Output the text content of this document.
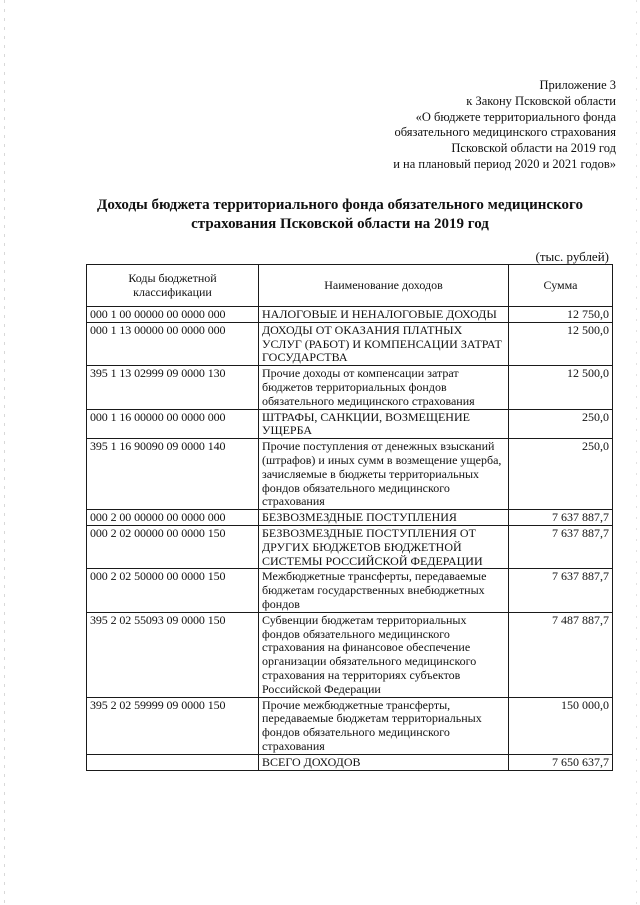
Приложение 3
к Закону Псковской области
«О бюджете территориального фонда
обязательного медицинского страхования
Псковской области на 2019 год
и на плановый период 2020 и 2021 годов»
Доходы бюджета территориального фонда обязательного медицинского
страхования Псковской области на 2019 год
(тыс. рублей)
Коды бюджетной классификации	Наименование доходов	Сумма
000 1 00 00000 00 0000 000	НАЛОГОВЫЕ И НЕНАЛОГОВЫЕ ДОХОДЫ	12 750,0
000 1 13 00000 00 0000 000	ДОХОДЫ ОТ ОКАЗАНИЯ ПЛАТНЫХ УСЛУГ (РАБОТ) И КОМПЕНСАЦИИ ЗАТРАТ ГОСУДАРСТВА	12 500,0
395 1 13 02999 09 0000 130	Прочие доходы от компенсации затрат бюджетов территориальных фондов обязательного медицинского страхования	12 500,0
000 1 16 00000 00 0000 000	ШТРАФЫ, САНКЦИИ, ВОЗМЕЩЕНИЕ УЩЕРБА	250,0
395 1 16 90090 09 0000 140	Прочие поступления от денежных взысканий (штрафов) и иных сумм в возмещение ущерба, зачисляемые в бюджеты территориальных фондов обязательного медицинского страхования	250,0
000 2 00 00000 00 0000 000	БЕЗВОЗМЕЗДНЫЕ ПОСТУПЛЕНИЯ	7 637 887,7
000 2 02 00000 00 0000 150	БЕЗВОЗМЕЗДНЫЕ ПОСТУПЛЕНИЯ ОТ ДРУГИХ БЮДЖЕТОВ БЮДЖЕТНОЙ СИСТЕМЫ РОССИЙСКОЙ ФЕДЕРАЦИИ	7 637 887,7
000 2 02 50000 00 0000 150	Межбюджетные трансферты, передаваемые бюджетам государственных внебюджетных фондов	7 637 887,7
395 2 02 55093 09 0000 150	Субвенции бюджетам территориальных фондов обязательного медицинского страхования на финансовое обеспечение организации обязательного медицинского страхования на территориях субъектов Российской Федерации	7 487 887,7
395 2 02 59999 09 0000 150	Прочие межбюджетные трансферты, передаваемые бюджетам территориальных фондов обязательного медицинского страхования	150 000,0
	ВСЕГО ДОХОДОВ	7 650 637,7
